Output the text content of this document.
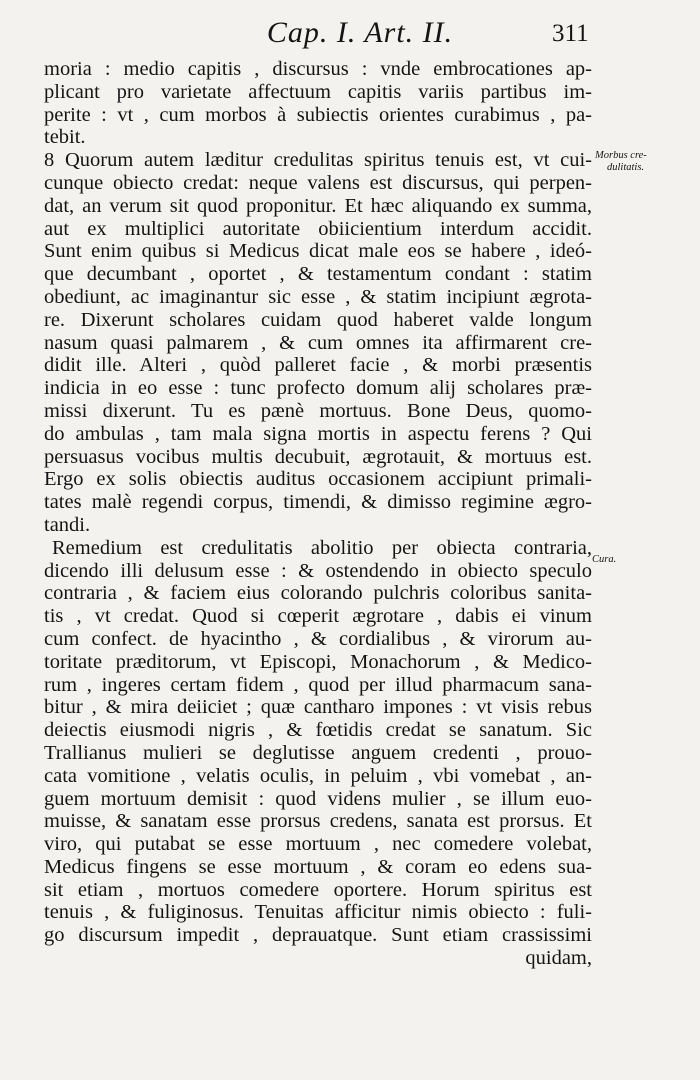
Cap. I. Art. II.	311
Morbus cre-
dulitatis.
Cura.
moria : medio capitis , discursus : vnde embrocationes ap-
plicant pro varietate affectuum capitis variis partibus im-
perite : vt , cum morbos à subiectis orientes curabimus , pa-
tebit.
8 Quorum autem læditur credulitas spiritus tenuis est, vt cui-
cunque obiecto credat: neque valens est discursus, qui perpen-
dat, an verum sit quod proponitur. Et hæc aliquando ex summa,
aut ex multiplici autoritate obiicientium interdum accidit.
Sunt enim quibus si Medicus dicat male eos se habere , ideó-
que decumbant , oportet , & testamentum condant : statim
obediunt, ac imaginantur sic esse , & statim incipiunt ægrota-
re. Dixerunt scholares cuidam quod haberet valde longum
nasum quasi palmarem , & cum omnes ita affirmarent cre-
didit ille. Alteri , quòd palleret facie , & morbi præsentis
indicia in eo esse : tunc profecto domum alij scholares præ-
missi dixerunt. Tu es pænè mortuus. Bone Deus, quomo-
do ambulas , tam mala signa mortis in aspectu ferens ? Qui
persuasus vocibus multis decubuit, ægrotauit, & mortuus est.
Ergo ex solis obiectis auditus occasionem accipiunt primali-
tates malè regendi corpus, timendi, & dimisso regimine ægro-
tandi.
Remedium est credulitatis abolitio per obiecta contraria,
dicendo illi delusum esse : & ostendendo in obiecto speculo
contraria , & faciem eius colorando pulchris coloribus sanita-
tis , vt credat. Quod si cœperit ægrotare , dabis ei vinum
cum confect. de hyacintho , & cordialibus , & virorum au-
toritate præditorum, vt Episcopi, Monachorum , & Medico-
rum , ingeres certam fidem , quod per illud pharmacum sana-
bitur , & mira deiiciet ; quæ cantharo impones : vt visis rebus
deiectis eiusmodi nigris , & fœtidis credat se sanatum. Sic
Trallianus mulieri se deglutisse anguem credenti , prouo-
cata vomitione , velatis oculis, in peluim , vbi vomebat , an-
guem mortuum demisit : quod videns mulier , se illum euo-
muisse, & sanatam esse prorsus credens, sanata est prorsus. Et
viro, qui putabat se esse mortuum , nec comedere volebat,
Medicus fingens se esse mortuum , & coram eo edens sua-
sit etiam , mortuos comedere oportere. Horum spiritus est
tenuis , & fuliginosus. Tenuitas afficitur nimis obiecto : fuli-
go discursum impedit , deprauatque. Sunt etiam crassissimi
quidam,
